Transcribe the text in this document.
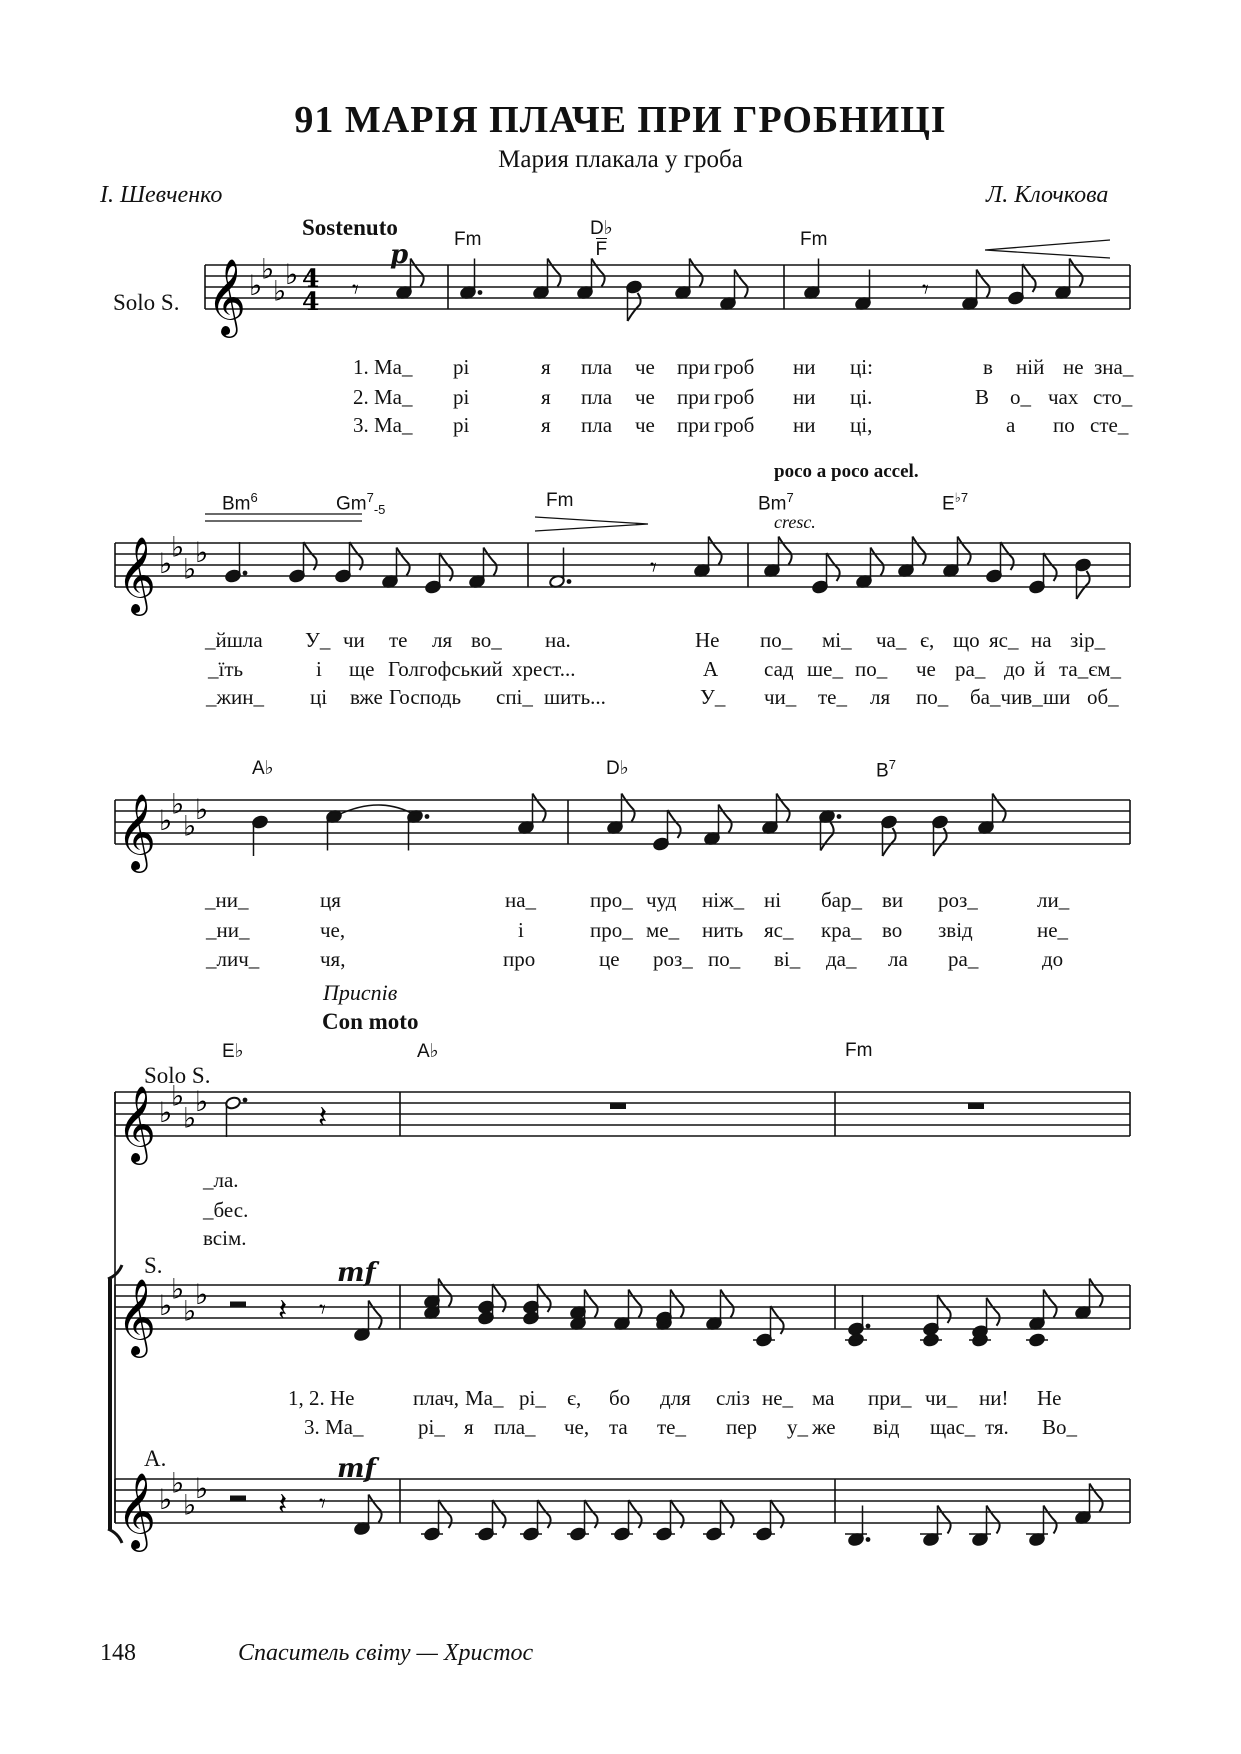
91 МАРІЯ ПЛАЧЕ ПРИ ГРОБНИЦІ
Мария плакала у гроба
І. Шевченко	Л. Клочкова
Sostenuto
p
poco a poco accel.
cresc.
Приспів
Con moto
mf
mf
Solo S.
Solo S.
S.
A.
Fm
D♭
F	Fm
Bm$^6$	$Gm^7_{-5}$	Fm	Bm$^7$	$E^{♭7}$
A♭	D♭	$B^7$
E♭	A♭	Fm
1. Ма_ рі	я пла че при гроб ни ці:	в ній не зна_
2. Ма_ рі	я пла че при гроб ни ці.	В о_ чах сто_
3. Ма_ рі	я пла че при гроб ни ці,	а по сте_
_йшла У_ чи те ля во_ на.	Не по_ мі_ ча_ є, що яс_ на зір_
_їть	і ще Голгофський хрест...	А сад ше_ по_ че ра_ до й та_єм_
_жин_ ці вже Господь спі_ шить...	У_ чи_ те_ ля по_ ба_чив_ ши об_
_ни_	ця	на_	про_ чуд ніж_ ні бар_ ви роз_	ли_
_ни_	че,	і	про_ ме_ нить яс_ кра_ во звід	не_
_лич_	чя,	про	це роз_ по_ ві_ да_ ла ра_	до
_ла.
_бес.
всім.
1, 2. Не	плач, Ма_ рі_ є, бо для сліз не_ ма при_ чи_ ни! Не
3. Ма_	рі_ я пла_ че, та те_ пер у_ же від щас_ тя. Во_
𝄞 ♭
♭
♭
♭ 4
4 𝄾	𝄾
𝄞 ♭
♭
♭
♭	𝄾
𝄞 ♭
♭
♭
♭
𝄞 ♭
♭
♭
♭	𝄽
𝄞 ♭
♭
♭
♭
𝄞 ♭
♭
♭
♭
𝄽 𝄾
𝄽 𝄾
148	Спаситель світу — Христос
